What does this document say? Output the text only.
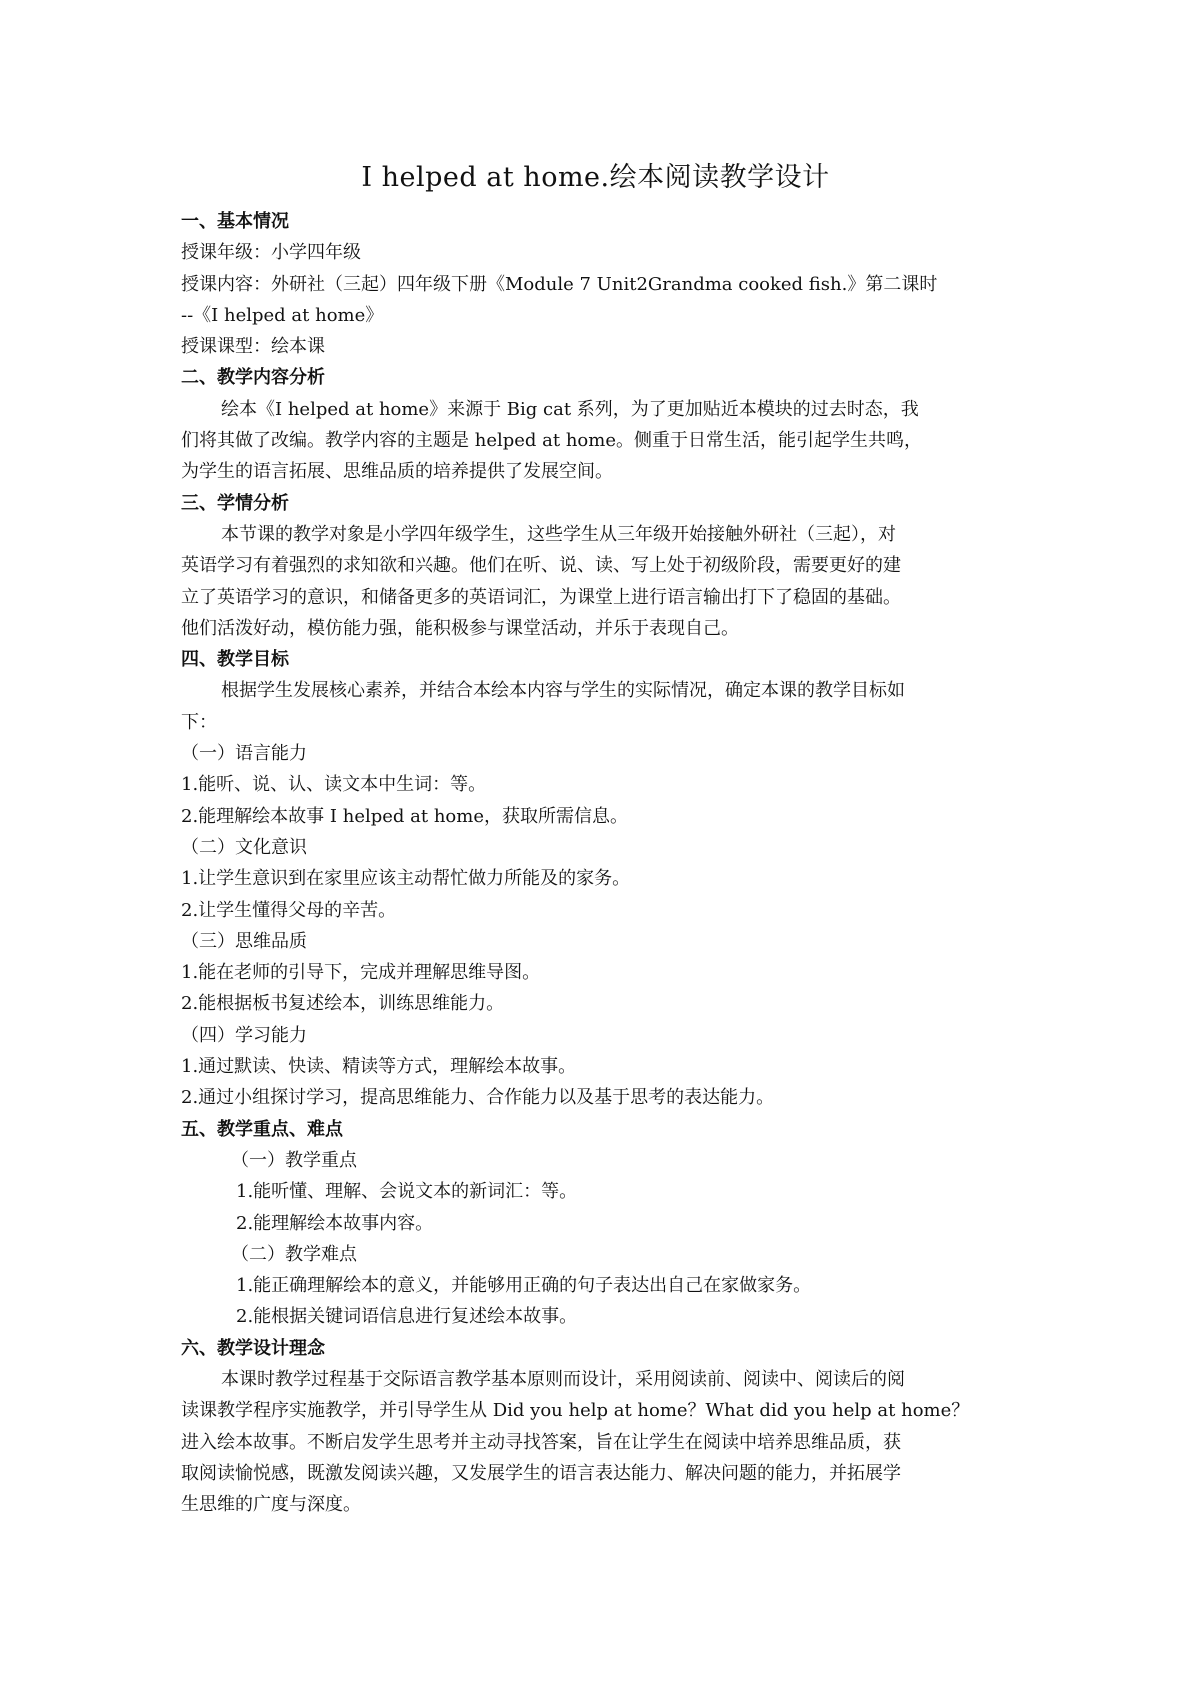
I helped at home.绘本阅读教学设计
一、基本情况
授课年级：小学四年级
授课内容：外研社（三起）四年级下册《Module 7 Unit2Grandma cooked fish.》第二课时
--《I helped at home》
授课课型：绘本课
二、教学内容分析
绘本《I helped at home》来源于 Big cat 系列，为了更加贴近本模块的过去时态，我
们将其做了改编。教学内容的主题是 helped at home。侧重于日常生活，能引起学生共鸣，
为学生的语言拓展、思维品质的培养提供了发展空间。
三、学情分析
本节课的教学对象是小学四年级学生，这些学生从三年级开始接触外研社（三起），对
英语学习有着强烈的求知欲和兴趣。他们在听、说、读、写上处于初级阶段，需要更好的建
立了英语学习的意识，和储备更多的英语词汇，为课堂上进行语言输出打下了稳固的基础。
他们活泼好动，模仿能力强，能积极参与课堂活动，并乐于表现自己。
四、教学目标
根据学生发展核心素养，并结合本绘本内容与学生的实际情况，确定本课的教学目标如
下：
（一）语言能力
1.能听、说、认、读文本中生词：等。
2.能理解绘本故事 I helped at home，获取所需信息。
（二）文化意识
1.让学生意识到在家里应该主动帮忙做力所能及的家务。
2.让学生懂得父母的辛苦。
（三）思维品质
1.能在老师的引导下，完成并理解思维导图。
2.能根据板书复述绘本，训练思维能力。
（四）学习能力
1.通过默读、快读、精读等方式，理解绘本故事。
2.通过小组探讨学习，提高思维能力、合作能力以及基于思考的表达能力。
五、教学重点、难点
（一）教学重点
1.能听懂、理解、会说文本的新词汇：等。
2.能理解绘本故事内容。
（二）教学难点
1.能正确理解绘本的意义，并能够用正确的句子表达出自己在家做家务。
2.能根据关键词语信息进行复述绘本故事。
六、教学设计理念
本课时教学过程基于交际语言教学基本原则而设计，采用阅读前、阅读中、阅读后的阅
读课教学程序实施教学，并引导学生从 Did you help at home？What did you help at home？
进入绘本故事。不断启发学生思考并主动寻找答案，旨在让学生在阅读中培养思维品质，获
取阅读愉悦感，既激发阅读兴趣，又发展学生的语言表达能力、解决问题的能力，并拓展学
生思维的广度与深度。
